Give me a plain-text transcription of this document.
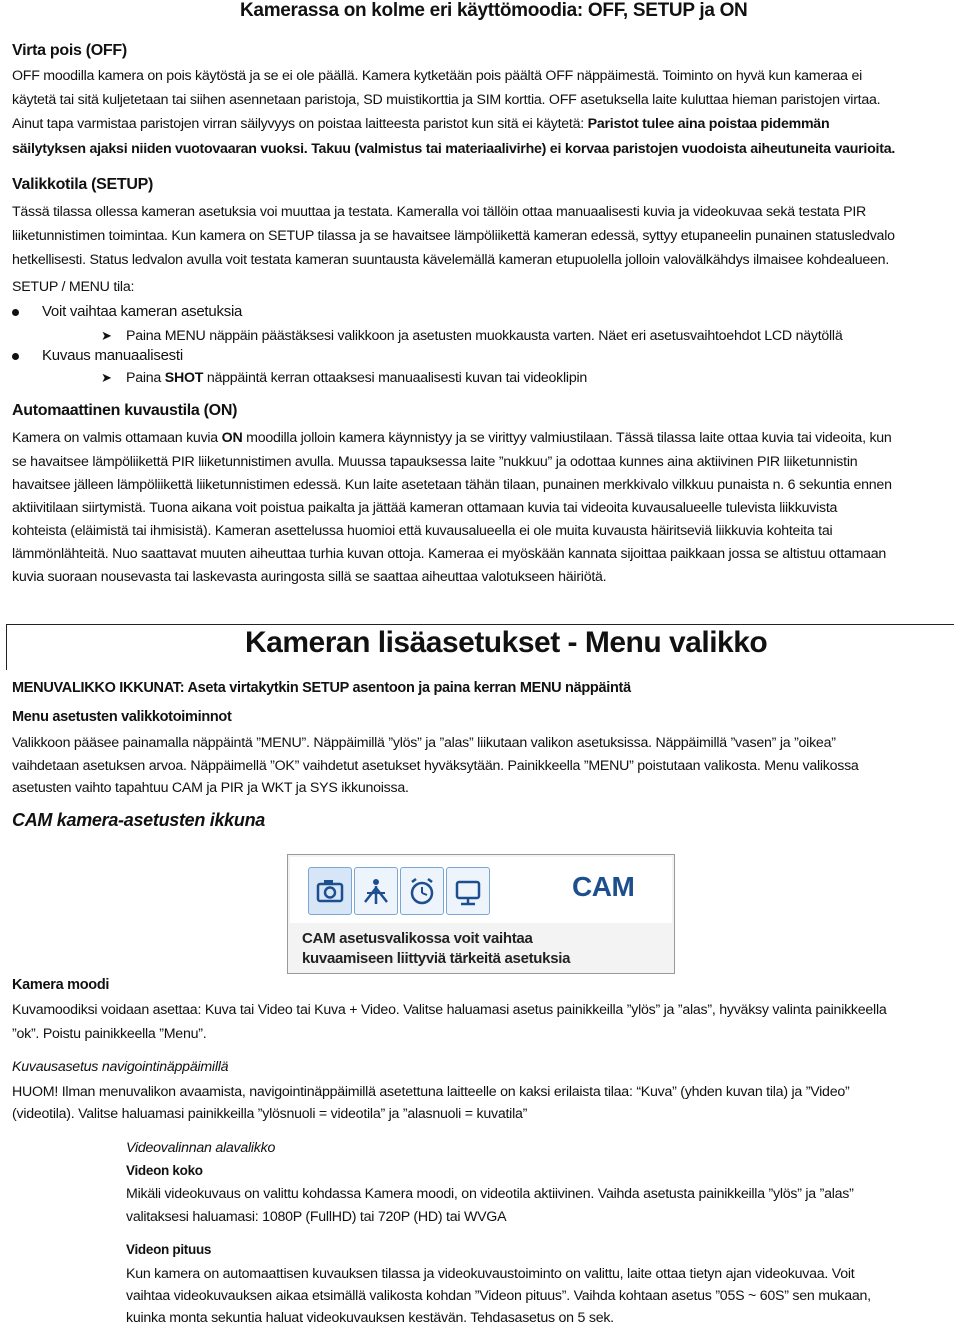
Kamerassa on kolme eri käyttömoodia: OFF, SETUP ja ON
Virta pois (OFF)
OFF moodilla kamera on pois käytöstä ja se ei ole päällä. Kamera kytketään pois päältä OFF näppäimestä. Toiminto on hyvä kun kameraa ei
käytetä tai sitä kuljetetaan tai siihen asennetaan paristoja, SD muistikorttia ja SIM korttia. OFF asetuksella laite kuluttaa hieman paristojen virtaa.
Ainut tapa varmistaa paristojen virran säilyvyys on poistaa laitteesta paristot kun sitä ei käytetä: Paristot tulee aina poistaa pidemmän
säilytyksen ajaksi niiden vuotovaaran vuoksi. Takuu (valmistus tai materiaalivirhe) ei korvaa paristojen vuodoista aiheutuneita vaurioita.
Valikkotila (SETUP)
Tässä tilassa ollessa kameran asetuksia voi muuttaa ja testata. Kameralla voi tällöin ottaa manuaalisesti kuvia ja videokuvaa sekä testata PIR
liiketunnistimen toimintaa. Kun kamera on SETUP tilassa ja se havaitsee lämpöliikettä kameran edessä, syttyy etupaneelin punainen statusledvalo
hetkellisesti. Status ledvalon avulla voit testata kameran suuntausta kävelemällä kameran etupuolella jolloin valovälkähdys ilmaisee kohdealueen.
SETUP / MENU tila:
Voit vaihtaa kameran asetuksia
➤ Paina MENU näppäin päästäksesi valikkoon ja asetusten muokkausta varten. Näet eri asetusvaihtoehdot LCD näytöllä
Kuvaus manuaalisesti
➤ Paina SHOT näppäintä kerran ottaaksesi manuaalisesti kuvan tai videoklipin
Automaattinen kuvaustila (ON)
Kamera on valmis ottamaan kuvia ON moodilla jolloin kamera käynnistyy ja se virittyy valmiustilaan. Tässä tilassa laite ottaa kuvia tai videoita, kun
se havaitsee lämpöliikettä PIR liiketunnistimen avulla. Muussa tapauksessa laite ”nukkuu” ja odottaa kunnes aina aktiivinen PIR liiketunnistin
havaitsee jälleen lämpöliikettä liiketunnistimen edessä. Kun laite asetetaan tähän tilaan, punainen merkkivalo vilkkuu punaista n. 6 sekuntia ennen
aktiivitilaan siirtymistä. Tuona aikana voit poistua paikalta ja jättää kameran ottamaan kuvia tai videoita kuvausalueelle tulevista liikkuvista
kohteista (eläimistä tai ihmisistä). Kameran asettelussa huomioi että kuvausalueella ei ole muita kuvausta häiritseviä liikkuvia kohteita tai
lämmönlähteitä. Nuo saattavat muuten aiheuttaa turhia kuvan ottoja. Kameraa ei myöskään kannata sijoittaa paikkaan jossa se altistuu ottamaan
kuvia suoraan nousevasta tai laskevasta auringosta sillä se saattaa aiheuttaa valotukseen häiriötä.
Kameran lisäasetukset - Menu valikko
MENUVALIKKO IKKUNAT: Aseta virtakytkin SETUP asentoon ja paina kerran MENU näppäintä
Menu asetusten valikkotoiminnot
Valikkoon pääsee painamalla näppäintä ”MENU”. Näppäimillä ”ylös” ja ”alas” liikutaan valikon asetuksissa. Näppäimillä ”vasen” ja ”oikea”
vaihdetaan asetuksen arvoa. Näppäimellä ”OK” vaihdetut asetukset hyväksytään. Painikkeella ”MENU” poistutaan valikosta. Menu valikossa
asetusten vaihto tapahtuu CAM ja PIR ja WKT ja SYS ikkunoissa.
CAM kamera-asetusten ikkuna
CAM
CAM asetusvalikossa voit vaihtaa
kuvaamiseen liittyviä tärkeitä asetuksia
Kamera moodi
Kuvamoodiksi voidaan asettaa: Kuva tai Video tai Kuva + Video. Valitse haluamasi asetus painikkeilla ”ylös” ja ”alas”, hyväksy valinta painikkeella
”ok”. Poistu painikkeella ”Menu”.
Kuvausasetus navigointinäppäimillä
HUOM! Ilman menuvalikon avaamista, navigointinäppäimillä asetettuna laitteelle on kaksi erilaista tilaa: “Kuva” (yhden kuvan tila) ja ”Video”
(videotila). Valitse haluamasi painikkeilla ”ylösnuoli = videotila” ja ”alasnuoli = kuvatila”
Videovalinnan alavalikko
Videon koko
Mikäli videokuvaus on valittu kohdassa Kamera moodi, on videotila aktiivinen. Vaihda asetusta painikkeilla ”ylös” ja ”alas”
valitaksesi haluamasi: 1080P (FullHD) tai 720P (HD) tai WVGA
Videon pituus
Kun kamera on automaattisen kuvauksen tilassa ja videokuvaustoiminto on valittu, laite ottaa tietyn ajan videokuvaa. Voit
vaihtaa videokuvauksen aikaa etsimällä valikosta kohdan ”Videon pituus”. Vaihda kohtaan asetus ”05S ~ 60S” sen mukaan,
kuinka monta sekuntia haluat videokuvauksen kestävän. Tehdasasetus on 5 sek.
